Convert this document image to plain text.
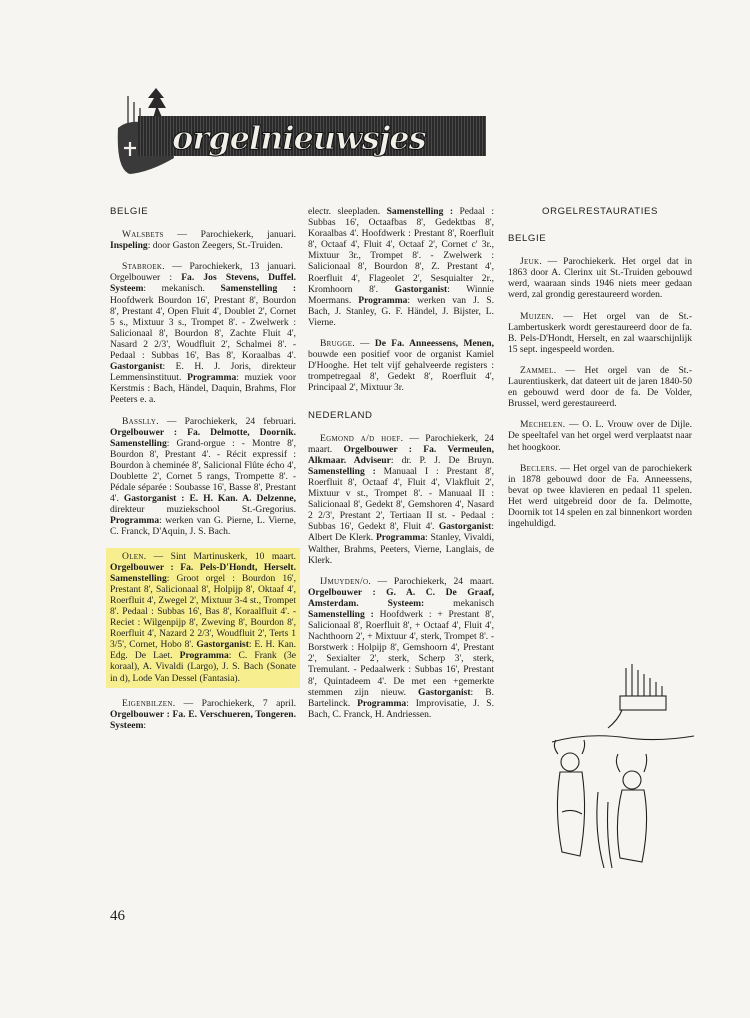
orgelnieuwsjes
BELGIE

Walsbets — Parochiekerk, januari. Inspeling: door Gaston Zeegers, St.-Truiden.

Stabroek. — Parochiekerk, 13 januari. Orgelbouwer : Fa. Jos Stevens, Duffel. Systeem: mekanisch. Samenstelling : Hoofdwerk Bourdon 16', Prestant 8', Bourdon 8', Prestant 4', Open Fluit 4', Doublet 2', Cornet 5 s., Mixtuur 3 s., Trompet 8'. - Zwelwerk : Salicionaal 8', Bourdon 8', Zachte Fluit 4', Nasard 2 2/3', Woudfluit 2', Schalmei 8'. - Pedaal : Subbas 16', Bas 8', Koraalbas 4'. Gastorganist: E. H. J. Joris, direkteur Lemmensinstituut. Programma: muziek voor Kerstmis : Bach, Händel, Daquin, Brahms, Flor Peeters e. a.

Basslly. — Parochiekerk, 24 februari. Orgelbouwer : Fa. Delmotte, Doornik. Samenstelling: Grand-orgue : - Montre 8', Bourdon 8', Prestant 4'. - Récit expressif : Bourdon à cheminée 8', Salicional Flûte écho 4', Doublette 2', Cornet 5 rangs, Trompette 8'. - Pédale séparée : Soubasse 16', Basse 8', Prestant 4'. Gastorganist : E. H. Kan. A. Delzenne, direkteur muziekschool St.-Gregorius. Programma: werken van G. Pierne, L. Vierne, C. Franck, D'Aquin, J. S. Bach.

Olen. — Sint Martinuskerk, 10 maart. Orgelbouwer : Fa. Pels-D'Hondt, Herselt. Samenstelling: Groot orgel : Bourdon 16', Prestant 8', Salicionaal 8', Holpijp 8', Oktaaf 4', Roerfluit 4', Zwegel 2', Mixtuur 3-4 st., Trompet 8'. Pedaal : Subbas 16', Bas 8', Koraalfluit 4'. - Reciet : Wilgenpijp 8', Zweving 8', Bourdon 8', Roerfluit 4', Nazard 2 2/3', Woudfluit 2', Terts 1 3/5', Cornet, Hobo 8'. Gastorganist: E. H. Kan. Edg. De Laet. Programma: C. Frank (3e koraal), A. Vivaldi (Largo), J. S. Bach (Sonate in d), Lode Van Dessel (Fantasia).

Eigenbilzen. — Parochiekerk, 7 april. Orgelbouwer : Fa. E. Verschueren, Tongeren. Systeem:

electr. sleepladen. Samenstelling : Pedaal : Subbas 16', Octaafbas 8', Gedektbas 8', Koraalbas 4'. Hoofdwerk : Prestant 8', Roerfluit 8', Octaaf 4', Fluit 4', Octaaf 2', Cornet c' 3r., Mixtuur 3r., Trompet 8'. - Zwelwerk : Salicionaal 8', Bourdon 8', Z. Prestant 4', Roerfluit 4', Flageolet 2', Sesquialter 2r., Kromhoorn 8'. Gastorganist: Winnie Moermans. Programma: werken van J. S. Bach, J. Stanley, G. F. Händel, J. Bijster, L. Vierne.

Brugge. — De Fa. Anneessens, Menen, bouwde een positief voor de organist Kamiel D'Hooghe. Het telt vijf gehalveerde registers : trompetregaal 8', Gedekt 8', Roerfluit 4', Principaal 2', Mixtuur 3r.

NEDERLAND

Egmond a/d hoef. — Parochiekerk, 24 maart. Orgelbouwer : Fa. Vermeulen, Alkmaar. Adviseur: dr. P. J. De Bruyn. Samenstelling : Manuaal I : Prestant 8', Roerfluit 8', Octaaf 4', Fluit 4', Vlakfluit 2', Mixtuur v st., Trompet 8'. - Manuaal II : Salicionaal 8', Gedekt 8', Gemshoren 4', Nasard 2 2/3', Prestant 2', Tertiaan II st. - Pedaal : Subbas 16', Gedekt 8', Fluit 4'. Gastorganist: Albert De Klerk. Programma: Stanley, Vivaldi, Walther, Brahms, Peeters, Vierne, Langlais, de Klerk.

IJmuyden/o. — Parochiekerk, 24 maart. Orgelbouwer : G. A. C. De Graaf, Amsterdam. Systeem: mekanisch Samenstelling : Hoofdwerk : + Prestant 8', Salicionaal 8', Roerfluit 8', + Octaaf 4', Fluit 4', Nachthoorn 2', + Mixtuur 4', sterk, Trompet 8'. - Borstwerk : Holpijp 8', Gemshoorn 4', Prestant 2', Sexialter 2', sterk, Scherp 3', sterk, Tremulant. - Pedaalwerk : Subbas 16', Prestant 8', Quintadeem 4'. De met een +gemerkte stemmen zijn nieuw. Gastorganist: B. Bartelinck. Programma: Improvisatie, J. S. Bach, C. Franck, H. Andriessen.

ORGELRESTAURATIES
BELGIE

Jeuk. — Parochiekerk. Het orgel dat in 1863 door A. Clerinx uit St.-Truiden gebouwd werd, waaraan sinds 1946 niets meer gedaan werd, zal grondig gerestaureerd worden.

Muizen. — Het orgel van de St.-Lambertuskerk wordt gerestaureerd door de fa. B. Pels-D'Hondt, Herselt, en zal waarschijnlijk 15 sept. ingespeeld worden.

Zammel. — Het orgel van de St.-Laurentiuskerk, dat dateert uit de jaren 1840-50 en gebouwd werd door de fa. De Volder, Brussel, werd gerestaureerd.

Mechelen. — O. L. Vrouw over de Dijle. De speeltafel van het orgel werd verplaatst naar het hoogkoor.

Beclers. — Het orgel van de parochiekerk in 1878 gebouwd door de Fa. Anneessens, bevat op twee klavieren en pedaal 11 spelen. Het werd uitgebreid door de fa. Delmotte, Doornik tot 14 spelen en zal binnenkort worden ingehuldigd.

46
